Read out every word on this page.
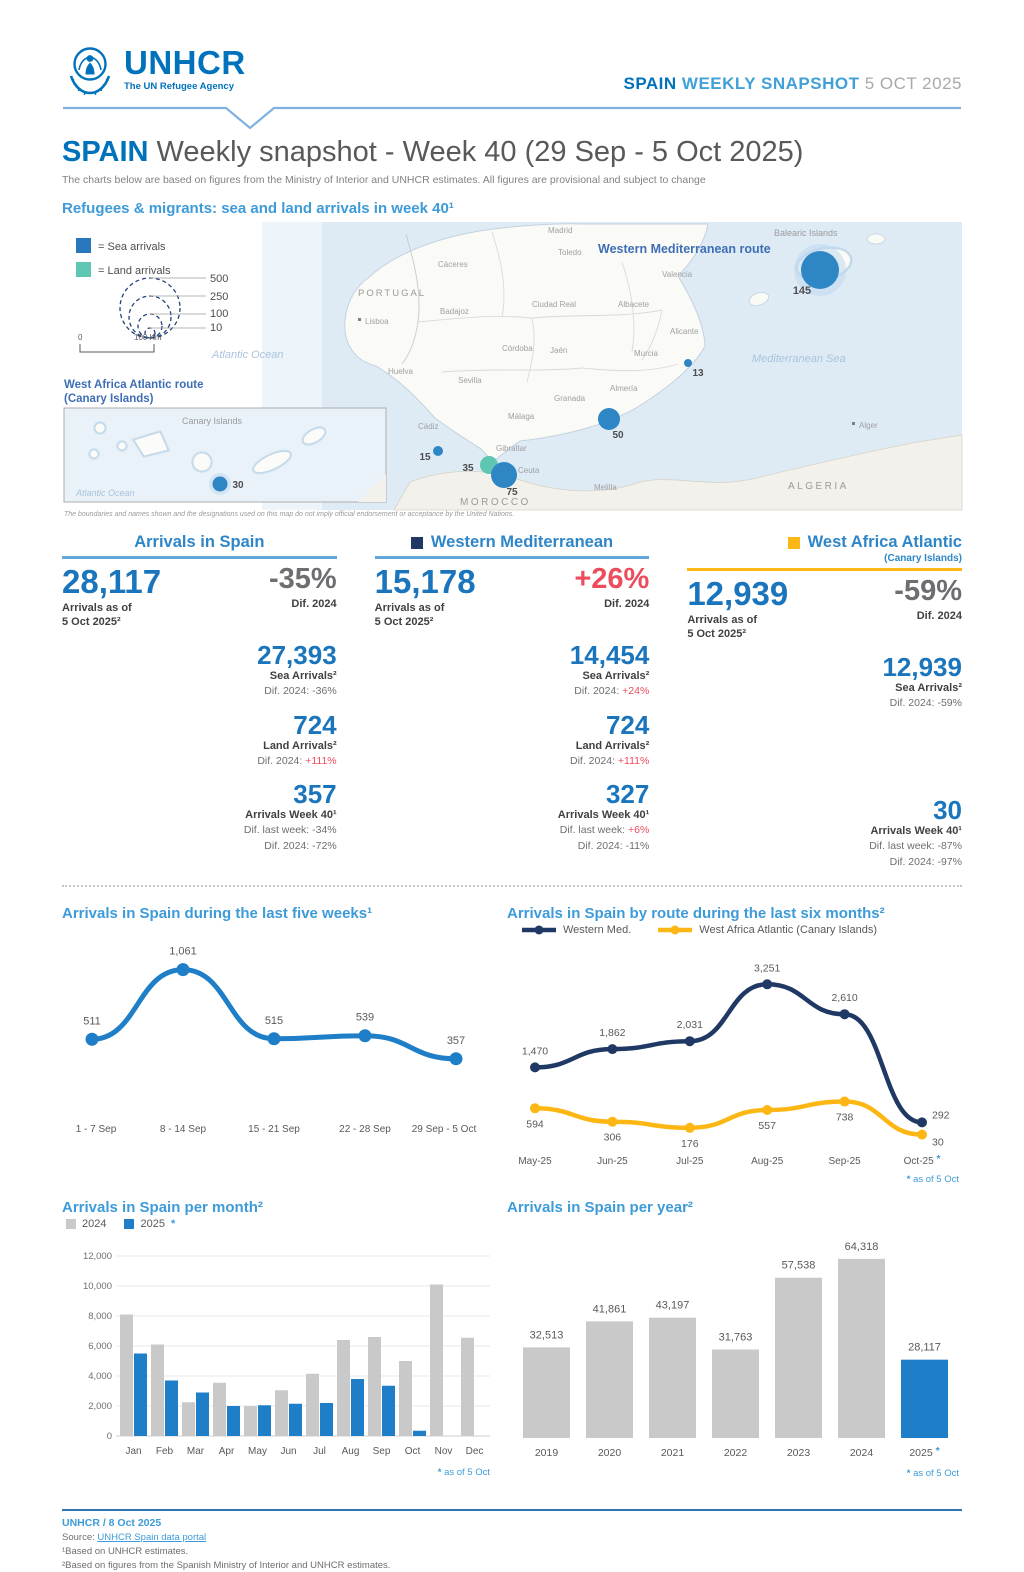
UNHCR
The UN Refugee Agency	SPAIN WEEKLY SNAPSHOT 5 OCT 2025
SPAIN Weekly snapshot - Week 40 (29 Sep - 5 Oct 2025)

The charts below are based on figures from the Ministry of Interior and UNHCR estimates. All figures are provisional and subject to change

Refugees & migrants: sea and land arrivals in week 40¹
PORTUGAL
MOROCCO
ALGERIA
Atlantic Ocean	Mediterranean Sea
Balearic Islands
Madrid
Toledo
Cáceres
Badajoz
Ciudad Real	Albacete
Valencia
Alicante
Murcia
Córdoba Jaén
Huelva
Sevilla
Granada
Málaga
Almería
Cádiz
Gibraltar
Ceuta
Melilla
Lisboa
Alger
Western Mediterranean route
West Africa Atlantic route
(Canary Islands)
145
13
50
15
35
75
= Sea arrivals
= Land arrivals
500
250
100
10
0	100 Km
Canary Islands
Atlantic Ocean
30
The boundaries and names shown and the designations used on this map do not imply official endorsement or acceptance by the United Nations.
Arrivals in Spain
28,117
Arrivals as of
5 Oct 2025²
-35%
Dif. 2024
27,393
Sea Arrivals²
Dif. 2024: -36%
724
Land Arrivals²
Dif. 2024: +111%
357
Arrivals Week 40¹
Dif. last week: -34%
Dif. 2024: -72%
Western Mediterranean
15,178
Arrivals as of
5 Oct 2025²
+26%
Dif. 2024
14,454
Sea Arrivals²
Dif. 2024: +24%
724
Land Arrivals²
Dif. 2024: +111%
327
Arrivals Week 40¹
Dif. last week: +6%
Dif. 2024: -11%
West Africa Atlantic
(Canary Islands)
12,939
Arrivals as of
5 Oct 2025²
-59%
Dif. 2024
12,939
Sea Arrivals²
Dif. 2024: -59%
30
Arrivals Week 40¹
Dif. last week: -87%
Dif. 2024: -97%
Arrivals in Spain during the last five weeks¹
511
1,061
515	539
357
1 - 7 Sep	8 - 14 Sep	15 - 21 Sep	22 - 28 Sep 29 Sep - 5 Oct
Arrivals in Spain by route during the last six months²
Western Med.	West Africa Atlantic (Canary Islands)
1,470
1,862
2,031
3,251
2,610
292
594
306
176
557
738
30
May-25	Jun-25	Jul-25	Aug-25	Sep-25	Oct-25 *
* as of 5 Oct
Arrivals in Spain per month²
2024	2025 *
0
2,000
4,000
6,000
8,000
10,000
12,000
Jan Feb Mar Apr May Jun Jul Aug Sep Oct Nov Dec
* as of 5 Oct
Arrivals in Spain per year²
32,513
2019
41,861
2020
43,197
2021
31,763
2022
57,538
2023
64,318
2024
28,117
2025 *
* as of 5 Oct
UNHCR / 8 Oct 2025
Source: UNHCR Spain data portal
¹Based on UNHCR estimates.
²Based on figures from the Spanish Ministry of Interior and UNHCR estimates.
